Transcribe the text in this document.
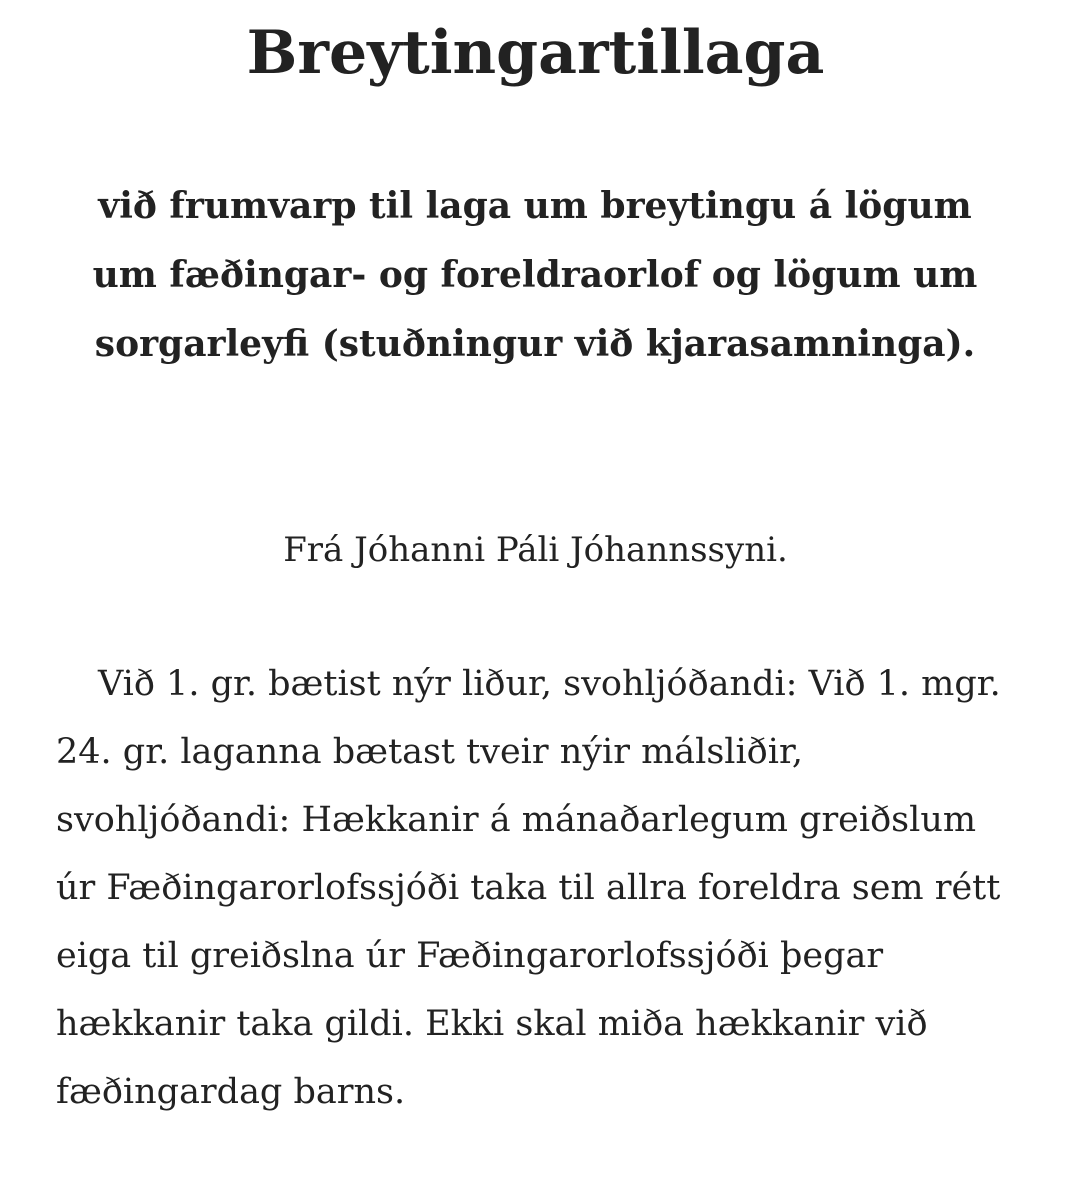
Breytingartillaga

við frumvarp til laga um breytingu á lögum um fæðingar- og foreldraorlof og lögum um sorgarleyfi (stuðningur við kjarasamninga).

Frá Jóhanni Páli Jóhannssyni.

Við 1. gr. bætist nýr liður, svohljóðandi: Við 1. mgr. 24. gr. laganna bætast tveir nýir málsliðir, svohljóðandi: Hækkanir á mánaðarlegum greiðslum úr Fæðingarorlofssjóði taka til allra foreldra sem rétt eiga til greiðslna úr Fæðingarorlofssjóði þegar hækkanir taka gildi. Ekki skal miða hækkanir við fæðingardag barns.
